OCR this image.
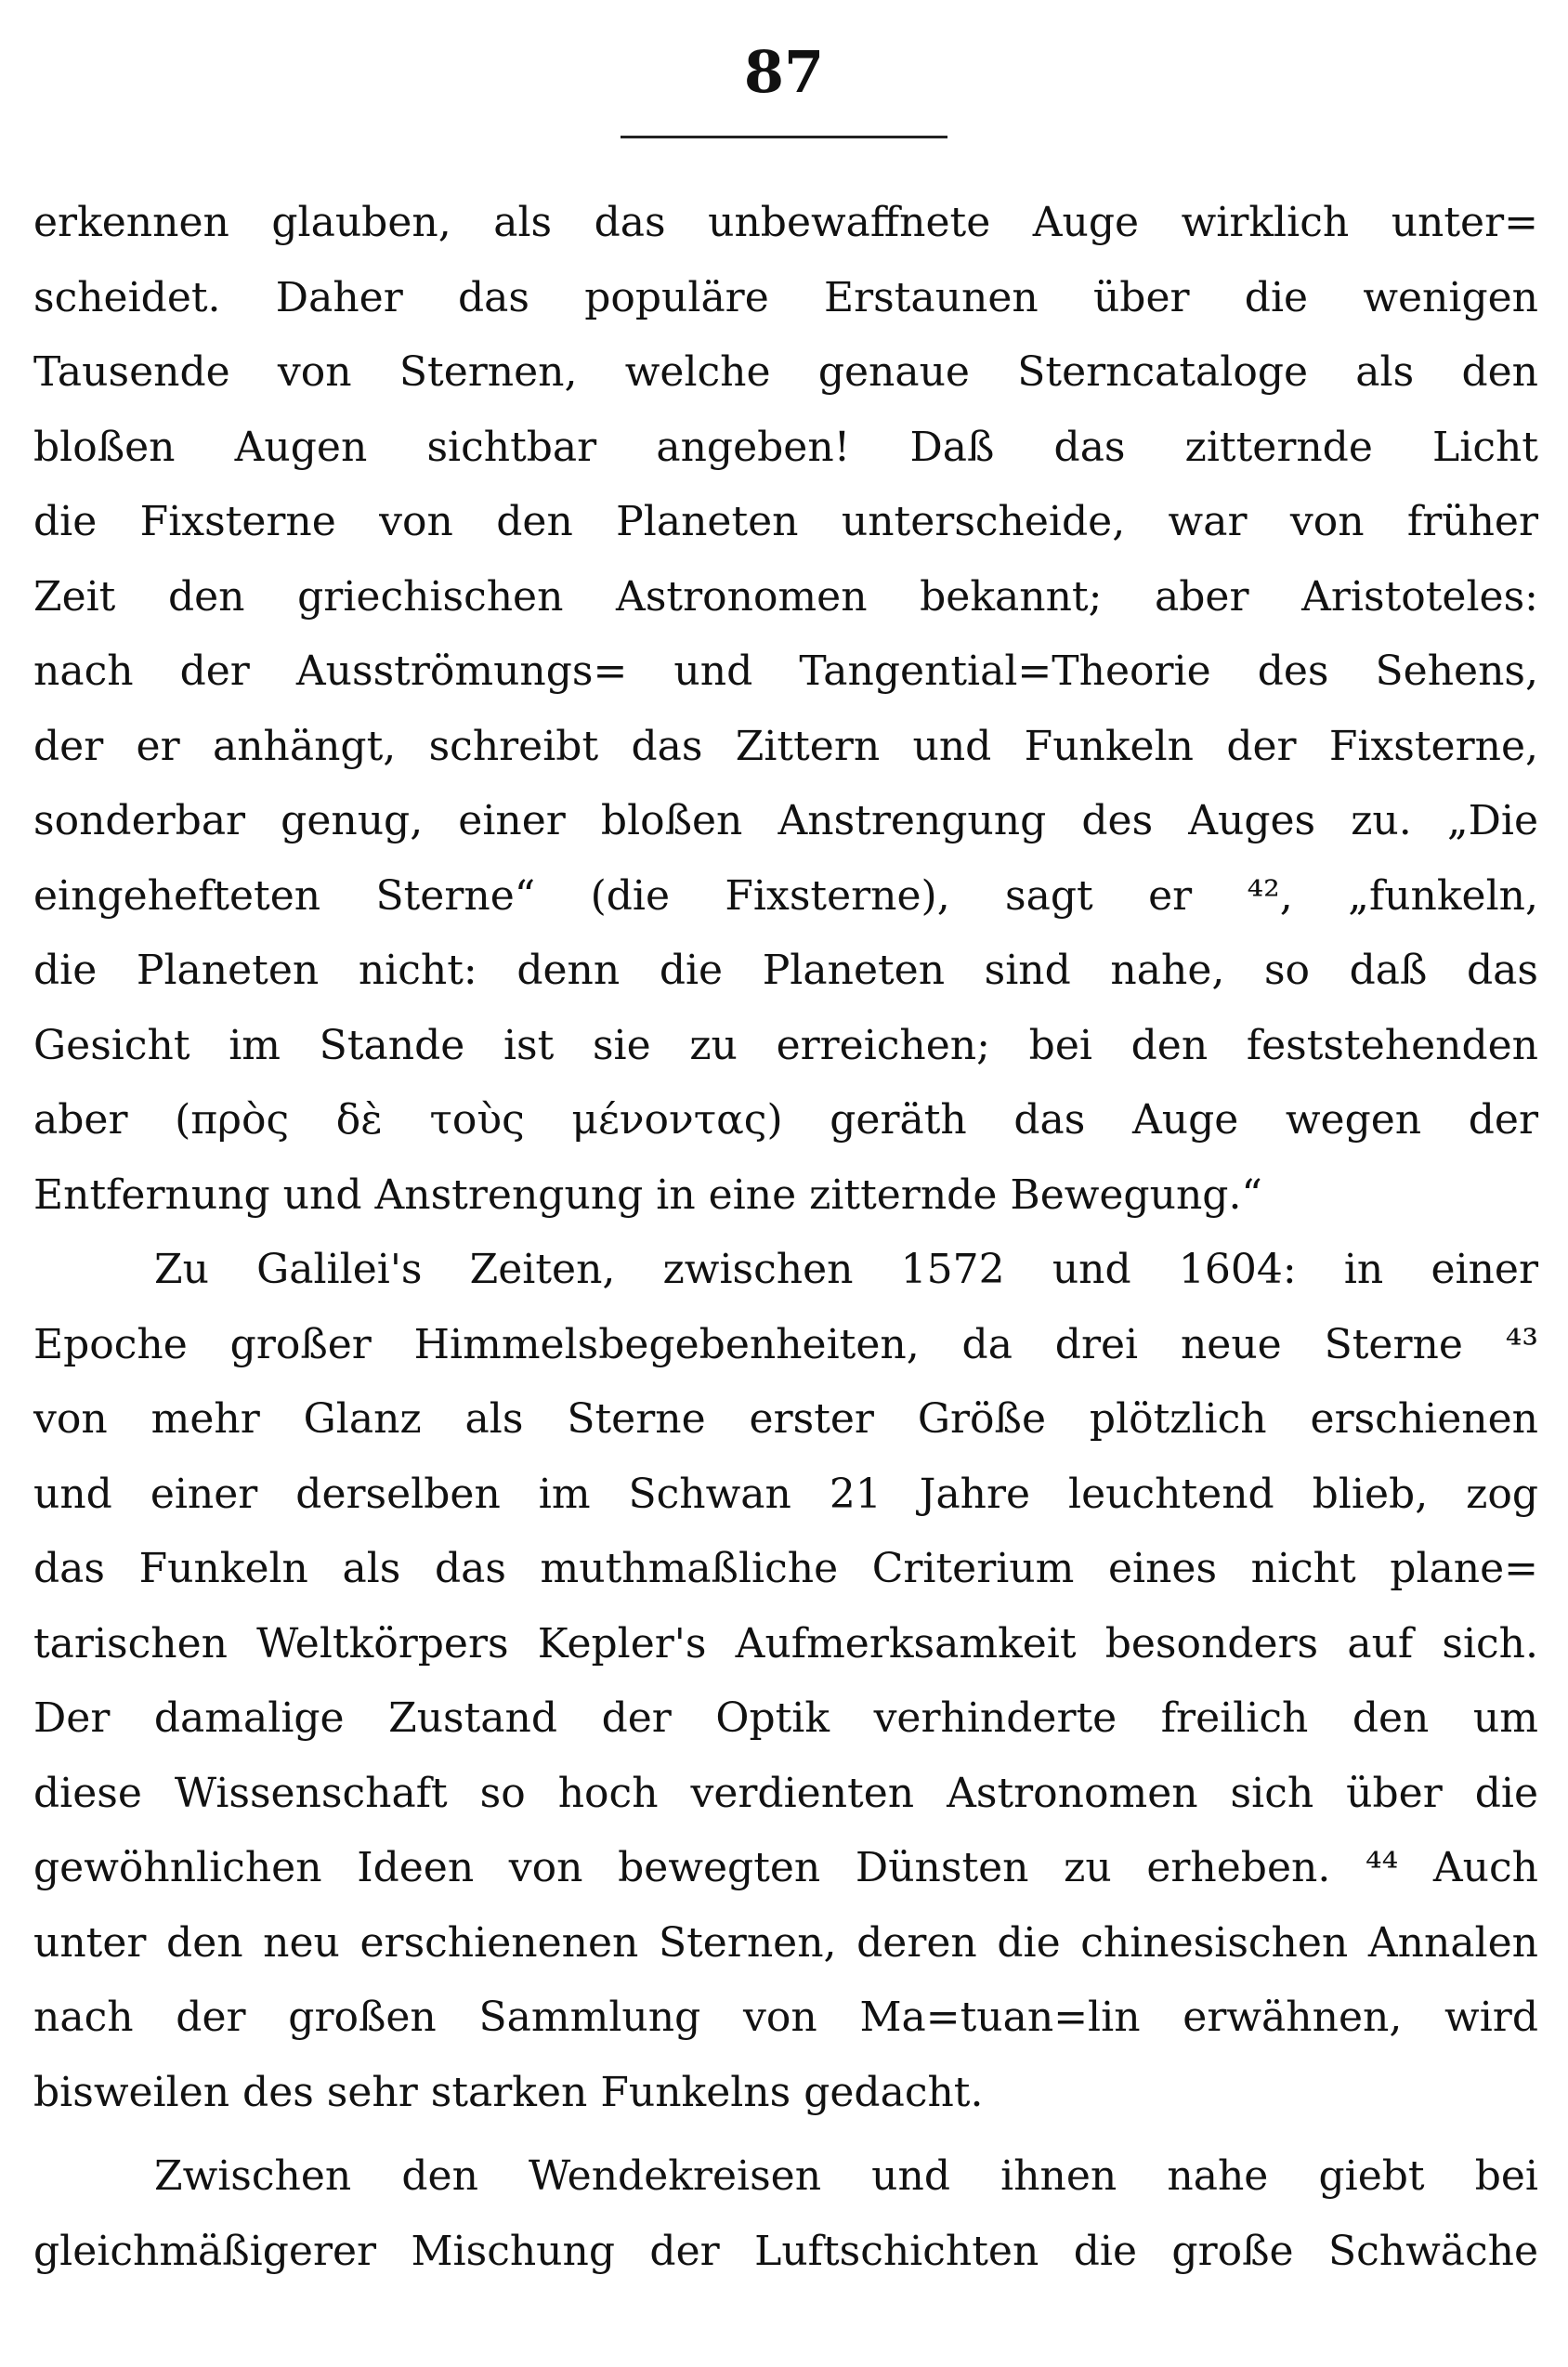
87
erkennen glauben, als das unbewaffnete Auge wirklich unter=
scheidet. Daher das populäre Erstaunen über die wenigen
Tausende von Sternen, welche genaue Sterncataloge als den
bloßen Augen sichtbar angeben! Daß das zitternde Licht
die Fixsterne von den Planeten unterscheide, war von früher
Zeit den griechischen Astronomen bekannt; aber Aristoteles:
nach der Ausströmungs= und Tangential=Theorie des Sehens,
der er anhängt, schreibt das Zittern und Funkeln der Fixsterne,
sonderbar genug, einer bloßen Anstrengung des Auges zu. „Die
eingehefteten Sterne“ (die Fixsterne), sagt er ⁴², „funkeln,
die Planeten nicht: denn die Planeten sind nahe, so daß das
Gesicht im Stande ist sie zu erreichen; bei den feststehenden
aber (πρὸς δὲ τοὺς μένοντας) geräth das Auge wegen der
Entfernung und Anstrengung in eine zitternde Bewegung.“
Zu Galilei's Zeiten, zwischen 1572 und 1604: in einer
Epoche großer Himmelsbegebenheiten, da drei neue Sterne ⁴³
von mehr Glanz als Sterne erster Größe plötzlich erschienen
und einer derselben im Schwan 21 Jahre leuchtend blieb, zog
das Funkeln als das muthmaßliche Criterium eines nicht plane=
tarischen Weltkörpers Kepler's Aufmerksamkeit besonders auf sich.
Der damalige Zustand der Optik verhinderte freilich den um
diese Wissenschaft so hoch verdienten Astronomen sich über die
gewöhnlichen Ideen von bewegten Dünsten zu erheben. ⁴⁴ Auch
unter den neu erschienenen Sternen, deren die chinesischen Annalen
nach der großen Sammlung von Ma=tuan=lin erwähnen, wird
bisweilen des sehr starken Funkelns gedacht.
Zwischen den Wendekreisen und ihnen nahe giebt bei
gleichmäßigerer Mischung der Luftschichten die große Schwäche
